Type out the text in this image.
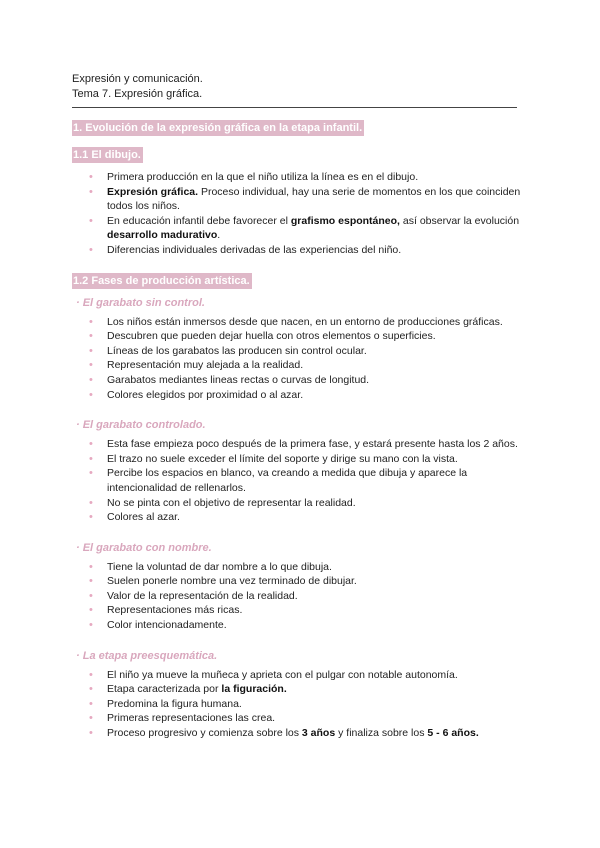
Expresión y comunicación.
Tema 7. Expresión gráfica.
1. Evolución de la expresión gráfica en la etapa infantil.
1.1 El dibujo.
• Primera producción en la que el niño utiliza la línea es en el dibujo.
• Expresión gráfica. Proceso individual, hay una serie de momentos en los que coinciden todos los niños.
• En educación infantil debe favorecer el grafismo espontáneo, así observar la evolución     desarrollo madurativo.
• Diferencias individuales derivadas de las experiencias del niño.
1.2 Fases de producción artística.
· El garabato sin control.
• Los niños están inmersos desde que nacen, en un entorno de producciones gráficas.
• Descubren que pueden dejar huella con otros elementos o superficies.
• Líneas de los garabatos las producen sin control ocular.
• Representación muy alejada a la realidad.
• Garabatos mediantes lineas rectas o curvas de longitud.
• Colores elegidos por proximidad o al azar.
· El garabato controlado.
• Esta fase empieza poco después de la primera fase, y estará presente hasta los 2 años.
• El trazo no suele exceder el límite del soporte y dirige su mano con la vista.
• Percibe los espacios en blanco, va creando a medida que dibuja y aparece la intencionalidad de rellenarlos.
• No se pinta con el objetivo de representar la realidad.
• Colores al azar.
· El garabato con nombre.
• Tiene la voluntad de dar nombre a lo que dibuja.
• Suelen ponerle nombre una vez terminado de dibujar.
• Valor de la representación de la realidad.
• Representaciones más ricas.
• Color intencionadamente.
· La etapa preesquemática.
• El niño ya mueve la muñeca y aprieta con el pulgar con notable autonomía.
• Etapa caracterizada por la figuración.
• Predomina la figura humana.
• Primeras representaciones las crea.
• Proceso progresivo y comienza sobre los 3 años y finaliza sobre los 5 - 6 años.
